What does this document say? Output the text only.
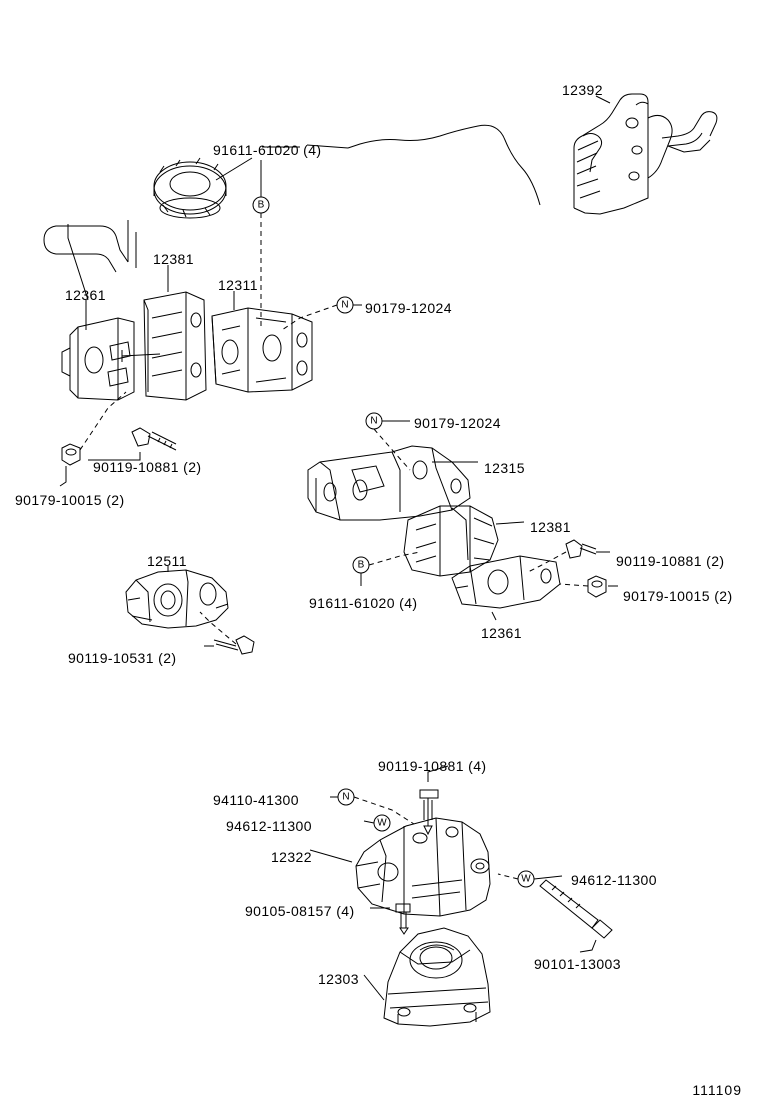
B
N
N
B
N
W
W
12392
91611-61020 (4)
12381
12311
12361
90179-12024
90119-10881 (2)
90179-10015 (2)
90179-12024
12315
12381
90119-10881 (2)
90179-10015 (2)
12511
91611-61020 (4)
12361
90119-10531 (2)
90119-10881 (4)
94110-41300
94612-11300
12322
94612-11300
90105-08157 (4)
90101-13003
12303
111109
